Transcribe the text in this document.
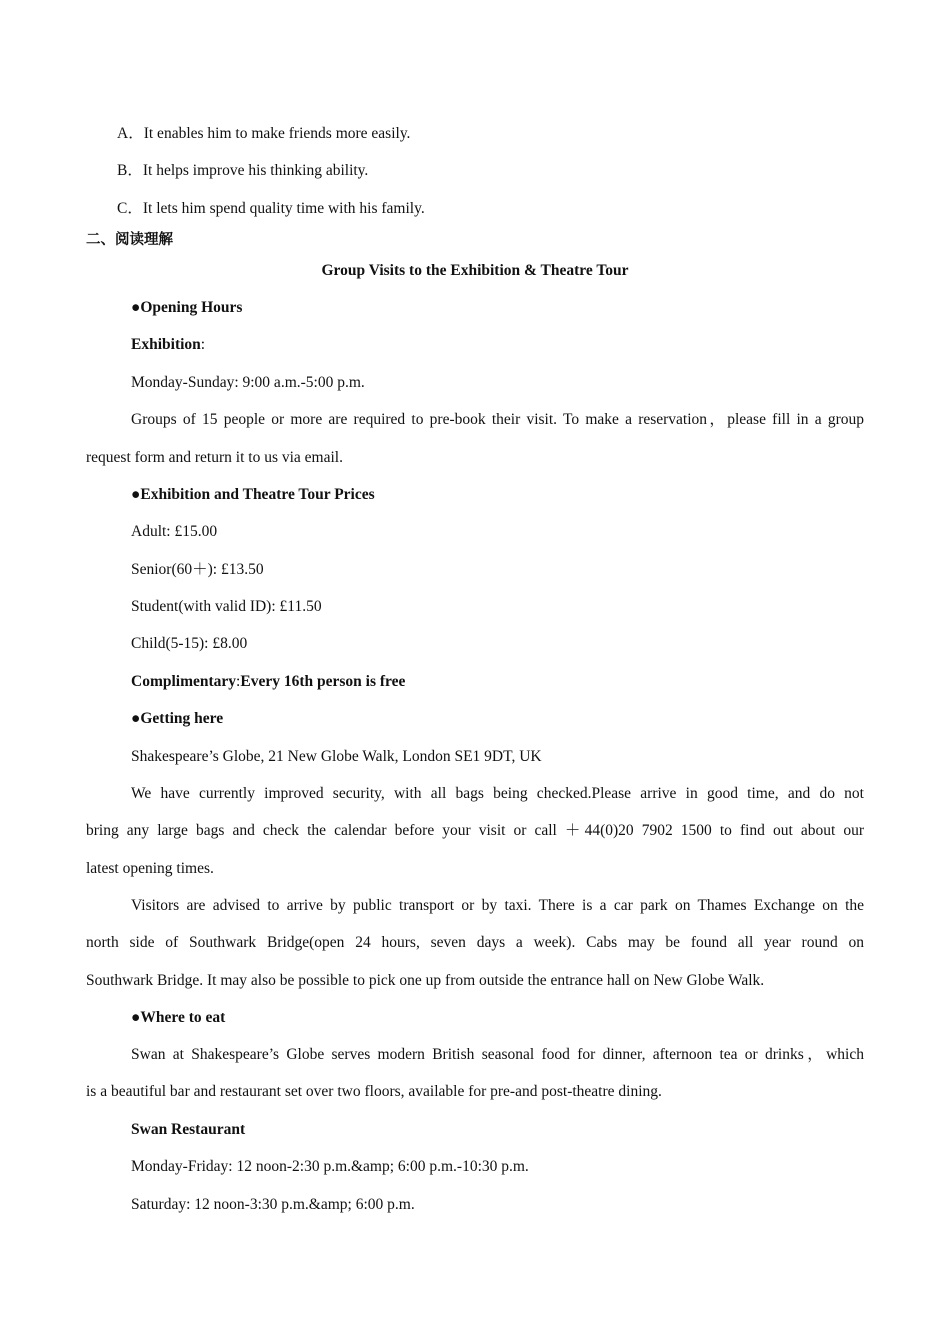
A．It enables him to make friends more easily.
B．It helps improve his thinking ability.
C．It lets him spend quality time with his family.
二、阅读理解
Group Visits to the Exhibition & Theatre Tour
●Opening Hours
Exhibition:
Monday-Sunday: 9:00 a.m.-5:00 p.m.
Groups of 15 people or more are required to pre-book their visit. To make a reservation，please fill in a group
request form and return it to us via email.
●Exhibition and Theatre Tour Prices
Adult: £15.00
Senior(60＋): £13.50
Student(with valid ID): £11.50
Child(5-15): £8.00
Complimentary:Every 16th person is free
●Getting here
Shakespeare’s Globe, 21 New Globe Walk, London SE1 9DT, UK
We have currently improved security, with all bags being checked.Please arrive in good time, and do not
bring any large bags and check the calendar before your visit or call ＋44(0)20 7902 1500 to find out about our
latest opening times.
Visitors are advised to arrive by public transport or by taxi. There is a car park on Thames Exchange on the
north side of Southwark Bridge(open 24 hours, seven days a week). Cabs may be found all year round on
Southwark Bridge. It may also be possible to pick one up from outside the entrance hall on New Globe Walk.
●Where to eat
Swan at Shakespeare’s Globe serves modern British seasonal food for dinner, afternoon tea or drinks，which
is a beautiful bar and restaurant set over two floors, available for pre-and post-theatre dining.
Swan Restaurant
Monday-Friday: 12 noon-2:30 p.m.&amp; 6:00 p.m.-10:30 p.m.
Saturday: 12 noon-3:30 p.m.&amp; 6:00 p.m.
